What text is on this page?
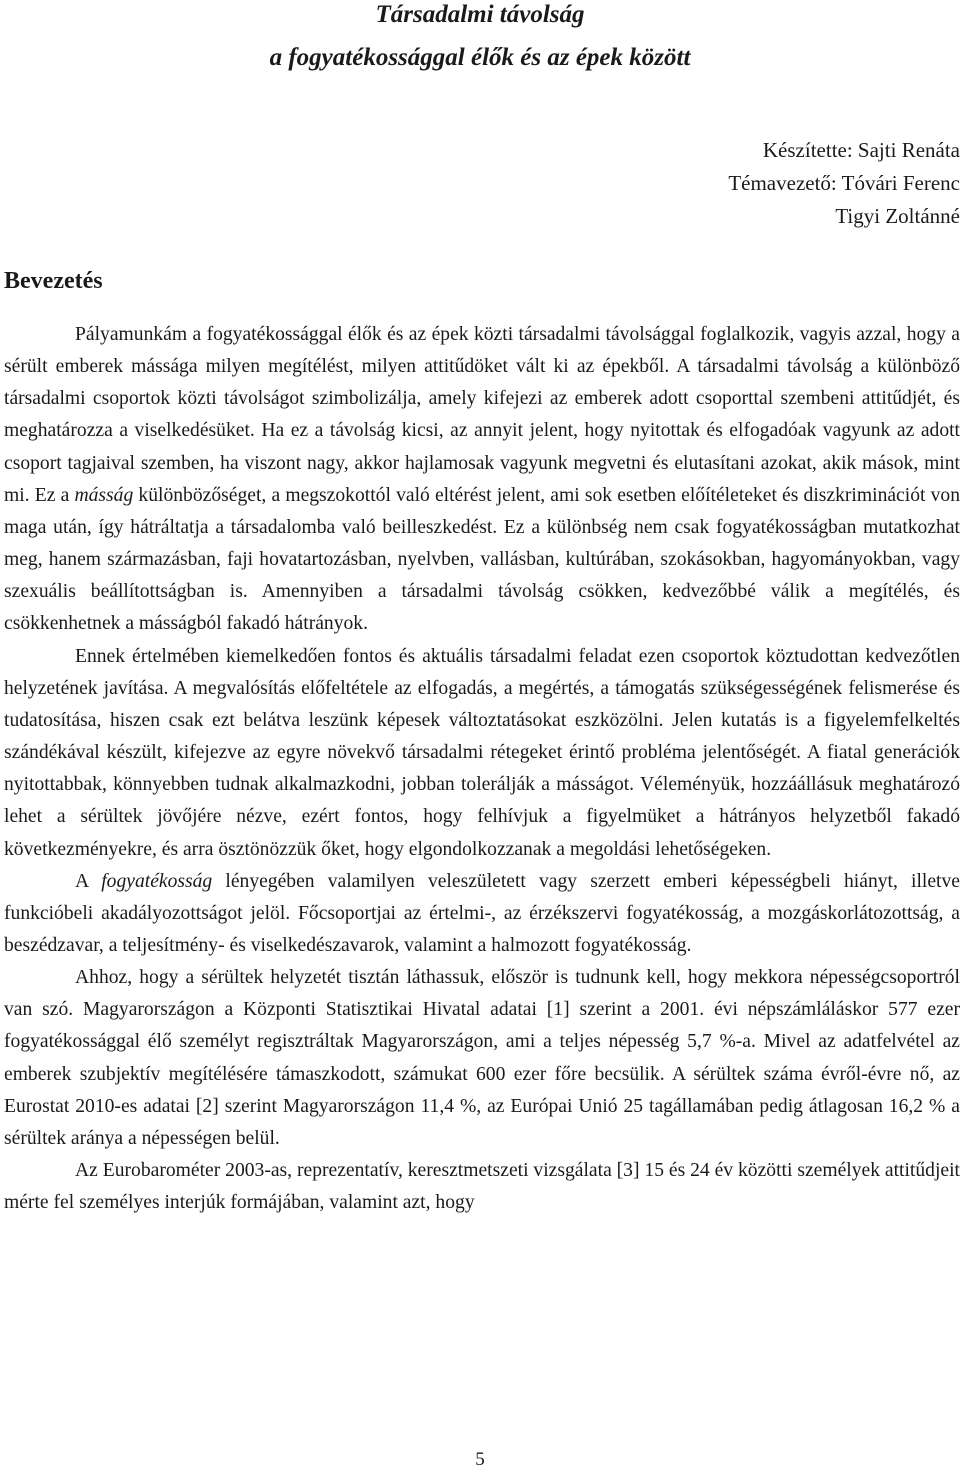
Társadalmi távolság
a fogyatékossággal élők és az épek között
Készítette: Sajti Renáta
Témavezető: Tóvári Ferenc
Tigyi Zoltánné
Bevezetés

Pályamunkám a fogyatékossággal élők és az épek közti társadalmi távolsággal foglalkozik, vagyis azzal, hogy a sérült emberek mássága milyen megítélést, milyen attitűdöket vált ki az épekből. A társadalmi távolság a különböző társadalmi csoportok közti távolságot szimbolizálja, amely kifejezi az emberek adott csoporttal szembeni attitűdjét, és meghatározza a viselkedésüket. Ha ez a távolság kicsi, az annyit jelent, hogy nyitottak és elfogadóak vagyunk az adott csoport tagjaival szemben, ha viszont nagy, akkor hajlamosak vagyunk megvetni és elutasítani azokat, akik mások, mint mi. Ez a másság különbözőséget, a megszokottól való eltérést jelent, ami sok esetben előítéleteket és diszkriminációt von maga után, így hátráltatja a társadalomba való beilleszkedést. Ez a különbség nem csak fogyatékosságban mutatkozhat meg, hanem származásban, faji hovatartozásban, nyelvben, vallásban, kultúrában, szokásokban, hagyományokban, vagy szexuális beállítottságban is. Amennyiben a társadalmi távolság csökken, kedvezőbbé válik a megítélés, és csökkenhetnek a másságból fakadó hátrányok.

Ennek értelmében kiemelkedően fontos és aktuális társadalmi feladat ezen csoportok köztudottan kedvezőtlen helyzetének javítása. A megvalósítás előfeltétele az elfogadás, a megértés, a támogatás szükségességének felismerése és tudatosítása, hiszen csak ezt belátva leszünk képesek változtatásokat eszközölni. Jelen kutatás is a figyelemfelkeltés szándékával készült, kifejezve az egyre növekvő társadalmi rétegeket érintő probléma jelentőségét. A fiatal generációk nyitottabbak, könnyebben tudnak alkalmazkodni, jobban tolerálják a másságot. Véleményük, hozzáállásuk meghatározó lehet a sérültek jövőjére nézve, ezért fontos, hogy felhívjuk a figyelmüket a hátrányos helyzetből fakadó következményekre, és arra ösztönözzük őket, hogy elgondolkozzanak a megoldási lehetőségeken.

A fogyatékosság lényegében valamilyen veleszületett vagy szerzett emberi képességbeli hiányt, illetve funkcióbeli akadályozottságot jelöl. Főcsoportjai az értelmi-, az érzékszervi fogyatékosság, a mozgáskorlátozottság, a beszédzavar, a teljesítmény- és viselkedészavarok, valamint a halmozott fogyatékosság.

Ahhoz, hogy a sérültek helyzetét tisztán láthassuk, először is tudnunk kell, hogy mekkora népességcsoportról van szó. Magyarországon a Központi Statisztikai Hivatal adatai [1] szerint a 2001. évi népszámláláskor 577 ezer fogyatékossággal élő személyt regisztráltak Magyarországon, ami a teljes népesség 5,7 %-a. Mivel az adatfelvétel az emberek szubjektív megítélésére támaszkodott, számukat 600 ezer főre becsülik. A sérültek száma évről-évre nő, az Eurostat 2010-es adatai [2] szerint Magyarországon 11,4 %, az Európai Unió 25 tagállamában pedig átlagosan 16,2 % a sérültek aránya a népességen belül.

Az Eurobarométer 2003-as, reprezentatív, keresztmetszeti vizsgálata [3] 15 és 24 év közötti személyek attitűdjeit mérte fel személyes interjúk formájában, valamint azt, hogy

5
